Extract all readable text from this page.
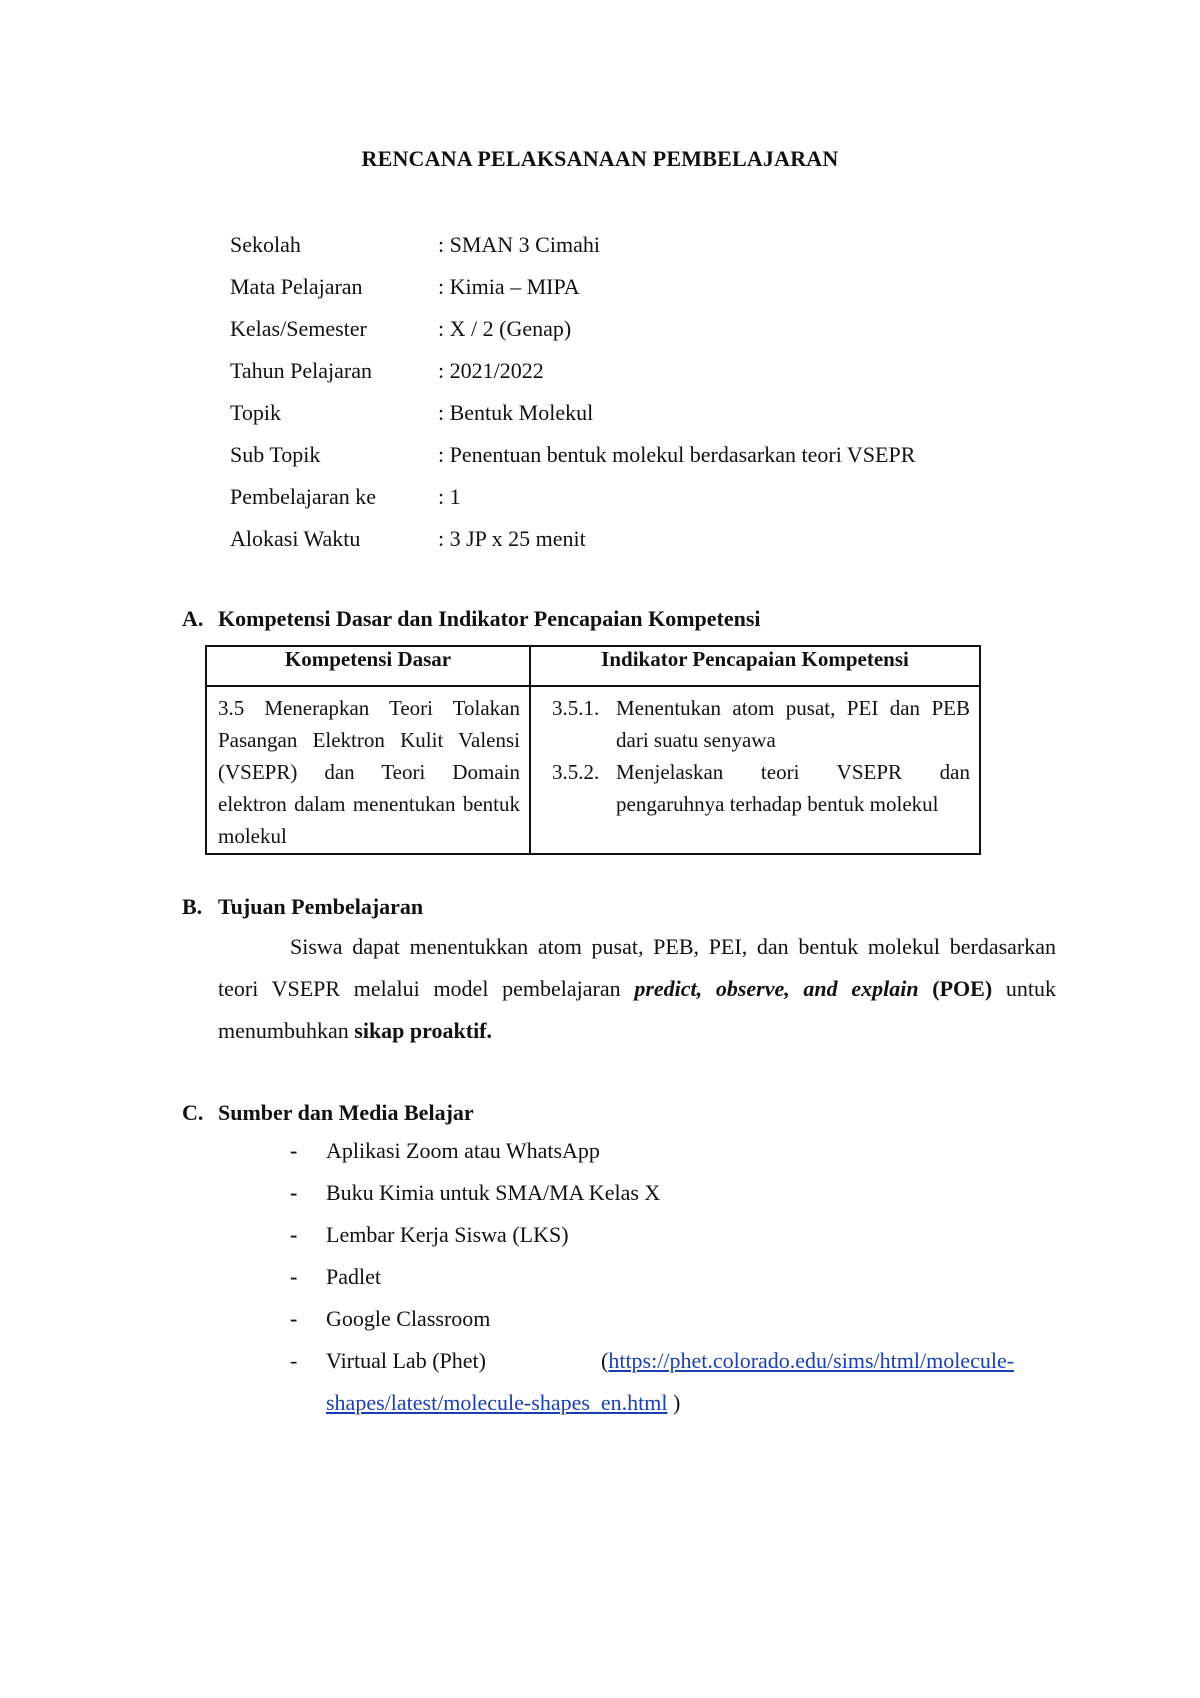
RENCANA PELAKSANAAN PEMBELAJARAN
Sekolah	: SMAN 3 Cimahi
Mata Pelajaran	: Kimia – MIPA
Kelas/Semester	: X / 2 (Genap)
Tahun Pelajaran	: 2021/2022
Topik	: Bentuk Molekul
Sub Topik	: Penentuan bentuk molekul berdasarkan teori VSEPR
Pembelajaran ke	: 1
Alokasi Waktu	: 3 JP x 25 menit
A. Kompetensi Dasar dan Indikator Pencapaian Kompetensi
Kompetensi Dasar	Indikator Pencapaian Kompetensi

3.5 Menerapkan Teori Tolakan Pasangan Elektron Kulit Valensi (VSEPR) dan Teori Domain elektron dalam menentukan bentuk molekul	3.5.1. Menentukan atom pusat, PEI dan PEB dari suatu senyawa
3.5.2. Menjelaskan teori VSEPR dan pengaruhnya terhadap bentuk molekul
B. Tujuan Pembelajaran
Siswa dapat menentukkan atom pusat, PEB, PEI, dan bentuk molekul berdasarkan teori VSEPR melalui model pembelajaran predict, observe, and explain (POE) untuk menumbuhkan sikap proaktif.
C. Sumber dan Media Belajar
-	Aplikasi Zoom atau WhatsApp
-	Buku Kimia untuk SMA/MA Kelas X
-	Lembar Kerja Siswa (LKS)
-	Padlet
-	Google Classroom
-	Virtual Lab (Phet)	( https://phet.colorado.edu/sims/html/molecule-
shapes/latest/molecule-shapes_en.html )
